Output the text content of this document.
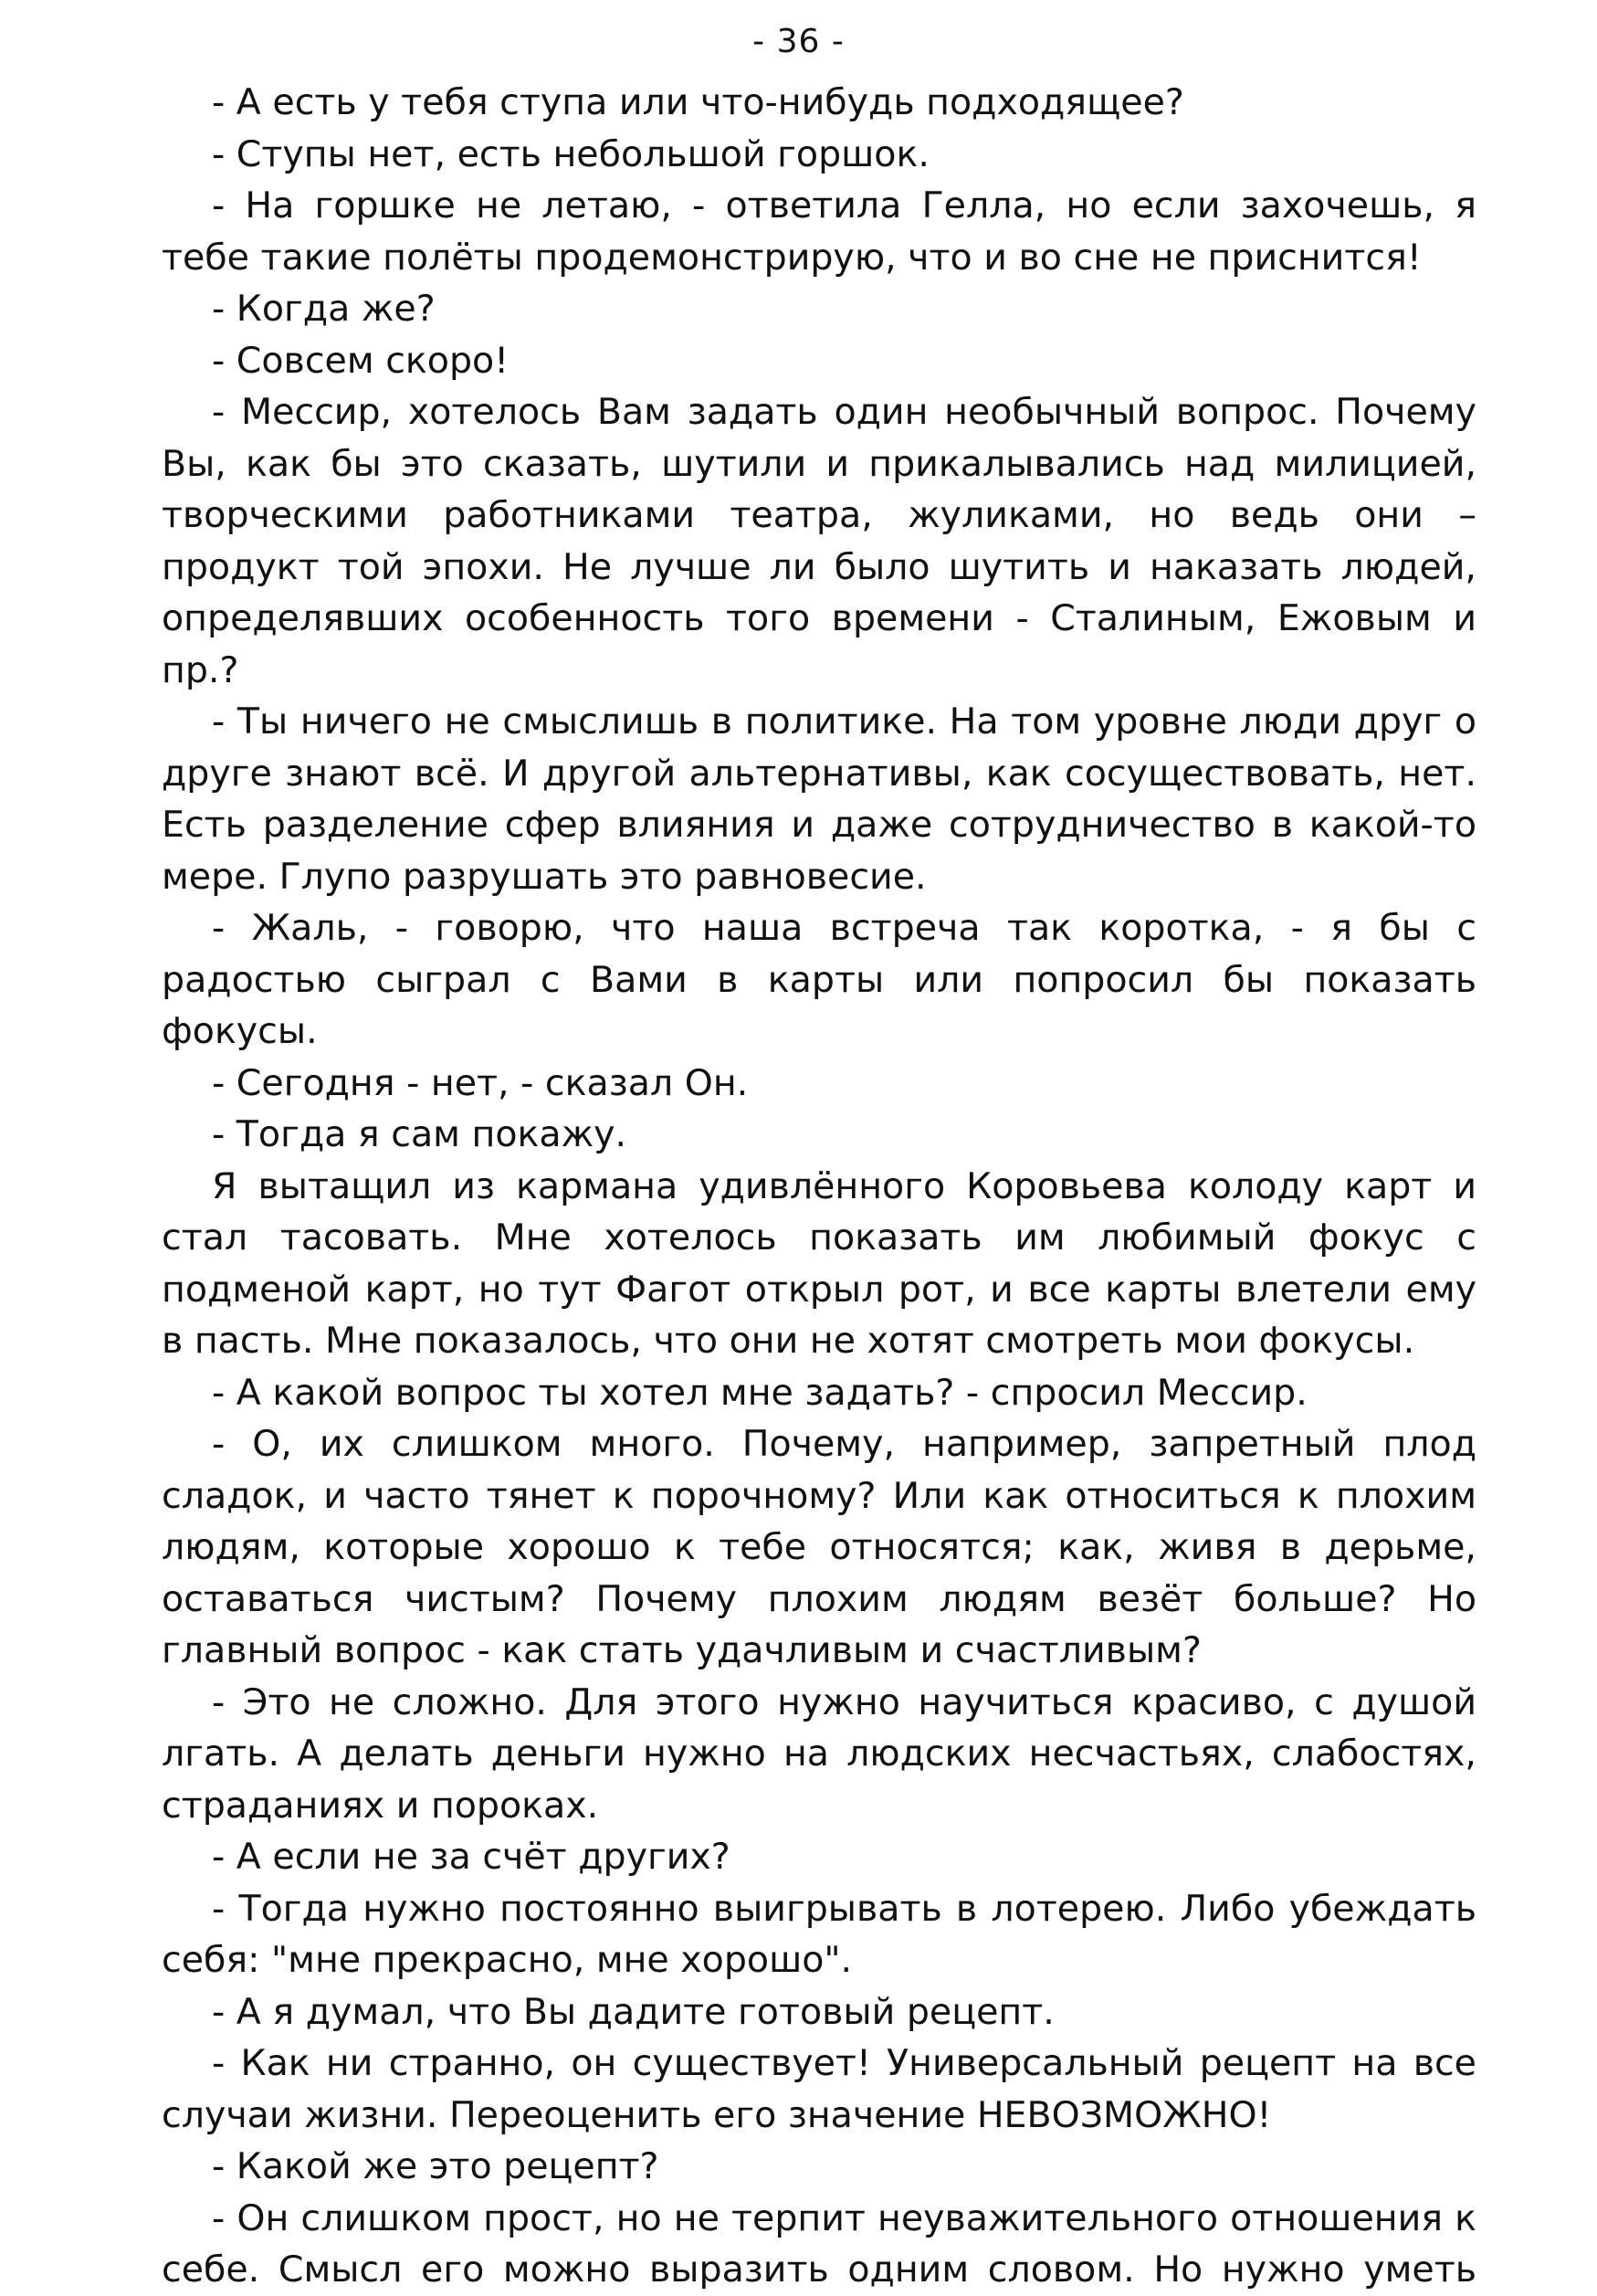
- 36 -

- А есть у тебя ступа или что-нибудь подходящее?

- Ступы нет, есть небольшой горшок.

- На горшке не летаю, - ответила Гелла, но если захочешь, я тебе такие полёты продемонстрирую, что и во сне не приснится!

- Когда же?

- Совсем скоро!

- Мессир, хотелось Вам задать один необычный вопрос. Почему Вы, как бы это сказать, шутили и прикалывались над милицией, творческими работниками театра, жуликами, но ведь они – продукт той эпохи. Не лучше ли было шутить и наказать людей, определявших особенность того времени - Сталиным, Ежовым и пр.?

- Ты ничего не смыслишь в политике. На том уровне люди друг о друге знают всё. И другой альтернативы, как сосуществовать, нет. Есть разделение сфер влияния и даже сотрудничество в какой-то мере. Глупо разрушать это равновесие.

- Жаль, - говорю, что наша встреча так коротка, - я бы с радостью сыграл с Вами в карты или попросил бы показать фокусы.

- Сегодня - нет, - сказал Он.

- Тогда я сам покажу.

Я вытащил из кармана удивлённого Коровьева колоду карт и стал тасовать. Мне хотелось показать им любимый фокус с подменой карт, но тут Фагот открыл рот, и все карты влетели ему в пасть. Мне показалось, что они не хотят смотреть мои фокусы.

- А какой вопрос ты хотел мне задать? - спросил Мессир.

- О, их слишком много. Почему, например, запретный плод сладок, и часто тянет к порочному? Или как относиться к плохим людям, которые хорошо к тебе относятся; как, живя в дерьме, оставаться чистым? Почему плохим людям везёт больше? Но главный вопрос - как стать удачливым и счастливым?

- Это не сложно. Для этого нужно научиться красиво, с душой лгать. А делать деньги нужно на людских несчастьях, слабостях, страданиях и пороках.

- А если не за счёт других?

- Тогда нужно постоянно выигрывать в лотерею. Либо убеждать себя: "мне прекрасно, мне хорошо".

- А я думал, что Вы дадите готовый рецепт.

- Как ни странно, он существует! Универсальный рецепт на все случаи жизни. Переоценить его значение НЕВОЗМОЖНО!

- Какой же это рецепт?

- Он слишком прост, но не терпит неуважительного отношения к себе. Смысл его можно выразить одним словом. Но нужно уметь
